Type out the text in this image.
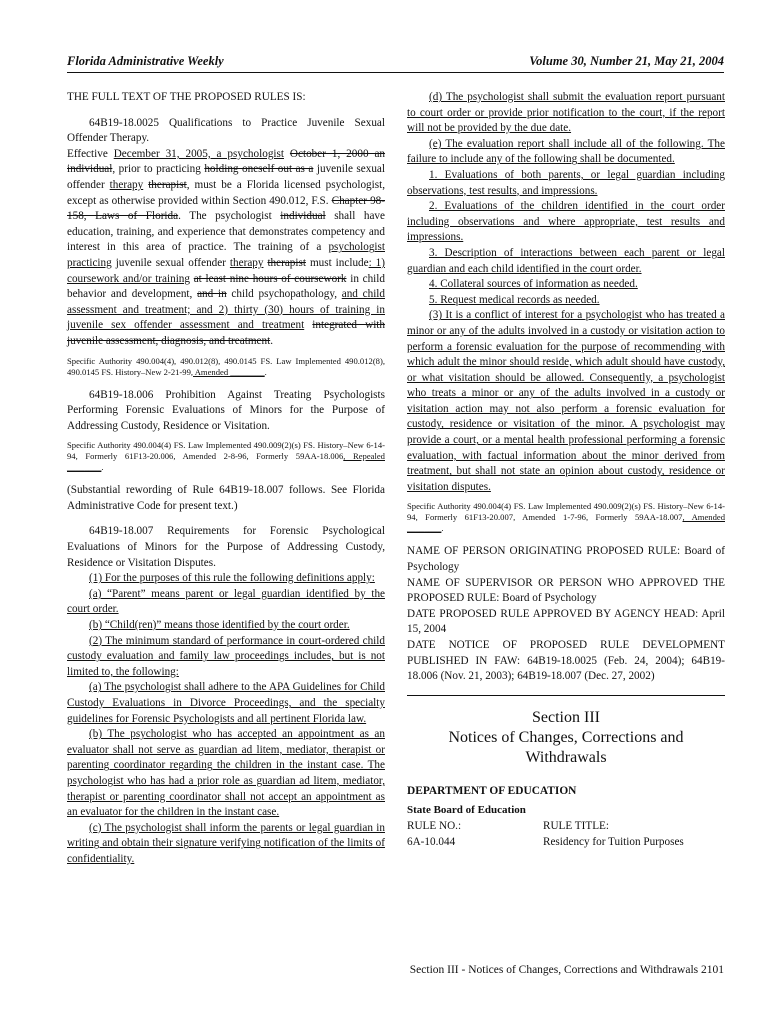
Florida Administrative Weekly	Volume 30, Number 21, May 21, 2004

THE FULL TEXT OF THE PROPOSED RULES IS:

64B19-18.0025 Qualifications to Practice Juvenile Sexual Offender Therapy.

Effective December 31, 2005, a psychologist October 1, 2000 an individual, prior to practicing holding oneself out as a juvenile sexual offender therapy therapist, must be a Florida licensed psychologist, except as otherwise provided within Section 490.012, F.S. Chapter 98-158, Laws of Florida. The psychologist individual shall have education, training, and experience that demonstrates competency and interest in this area of practice. The training of a psychologist practicing juvenile sexual offender therapy therapist must include: 1) coursework and/or training at least nine hours of coursework in child behavior and development, and in child psychopathology, and child assessment and treatment; and 2) thirty (30) hours of training in juvenile sex offender assessment and treatment integrated with juvenile assessment, diagnosis, and treatment.

Specific Authority 490.004(4), 490.012(8), 490.0145 FS. Law Implemented 490.012(8), 490.0145 FS. History–New 2-21-99, Amended ________.

64B19-18.006 Prohibition Against Treating Psychologists Performing Forensic Evaluations of Minors for the Purpose of Addressing Custody, Residence or Visitation.

Specific Authority 490.004(4) FS. Law Implemented 490.009(2)(s) FS. History–New 6-14-94, Formerly 61F13-20.006, Amended 2-8-96, Formerly 59AA-18.006, Repealed ________.

(Substantial rewording of Rule 64B19-18.007 follows. See Florida Administrative Code for present text.)

64B19-18.007 Requirements for Forensic Psychological Evaluations of Minors for the Purpose of Addressing Custody, Residence or Visitation Disputes.

(1) For the purposes of this rule the following definitions apply:

(a) “Parent” means parent or legal guardian identified by the court order.

(b) “Child(ren)” means those identified by the court order.

(2) The minimum standard of performance in court-ordered child custody evaluation and family law proceedings includes, but is not limited to, the following:

(a) The psychologist shall adhere to the APA Guidelines for Child Custody Evaluations in Divorce Proceedings, and the specialty guidelines for Forensic Psychologists and all pertinent Florida law.

(b) The psychologist who has accepted an appointment as an evaluator shall not serve as guardian ad litem, mediator, therapist or parenting coordinator regarding the children in the instant case. The psychologist who has had a prior role as guardian ad litem, mediator, therapist or parenting coordinator shall not accept an appointment as an evaluator for the children in the instant case.

(c) The psychologist shall inform the parents or legal guardian in writing and obtain their signature verifying notification of the limits of confidentiality.

(d) The psychologist shall submit the evaluation report pursuant to court order or provide prior notification to the court, if the report will not be provided by the due date.

(e) The evaluation report shall include all of the following. The failure to include any of the following shall be documented.

1. Evaluations of both parents, or legal guardian including observations, test results, and impressions.

2. Evaluations of the children identified in the court order including observations and where appropriate, test results and impressions.

3. Description of interactions between each parent or legal guardian and each child identified in the court order.

4. Collateral sources of information as needed.

5. Request medical records as needed.

(3) It is a conflict of interest for a psychologist who has treated a minor or any of the adults involved in a custody or visitation action to perform a forensic evaluation for the purpose of recommending with which adult the minor should reside, which adult should have custody, or what visitation should be allowed. Consequently, a psychologist who treats a minor or any of the adults involved in a custody or visitation action may not also perform a forensic evaluation for custody, residence or visitation of the minor. A psychologist may provide a court, or a mental health professional performing a forensic evaluation, with factual information about the minor derived from treatment, but shall not state an opinion about custody, residence or visitation disputes.

Specific Authority 490.004(4) FS. Law Implemented 490.009(2)(s) FS. History–New 6-14-94, Formerly 61F13-20.007, Amended 1-7-96, Formerly 59AA-18.007, Amended ________.

NAME OF PERSON ORIGINATING PROPOSED RULE: Board of Psychology

NAME OF SUPERVISOR OR PERSON WHO APPROVED THE PROPOSED RULE: Board of Psychology

DATE PROPOSED RULE APPROVED BY AGENCY HEAD: April 15, 2004

DATE NOTICE OF PROPOSED RULE DEVELOPMENT PUBLISHED IN FAW: 64B19-18.0025 (Feb. 24, 2004); 64B19-18.006 (Nov. 21, 2003); 64B19-18.007 (Dec. 27, 2002)

Section III
Notices of Changes, Corrections and Withdrawals

DEPARTMENT OF EDUCATION

State Board of Education

RULE NO.:	RULE TITLE:
6A-10.044	Residency for Tuition Purposes
Section III - Notices of Changes, Corrections and Withdrawals 2101
